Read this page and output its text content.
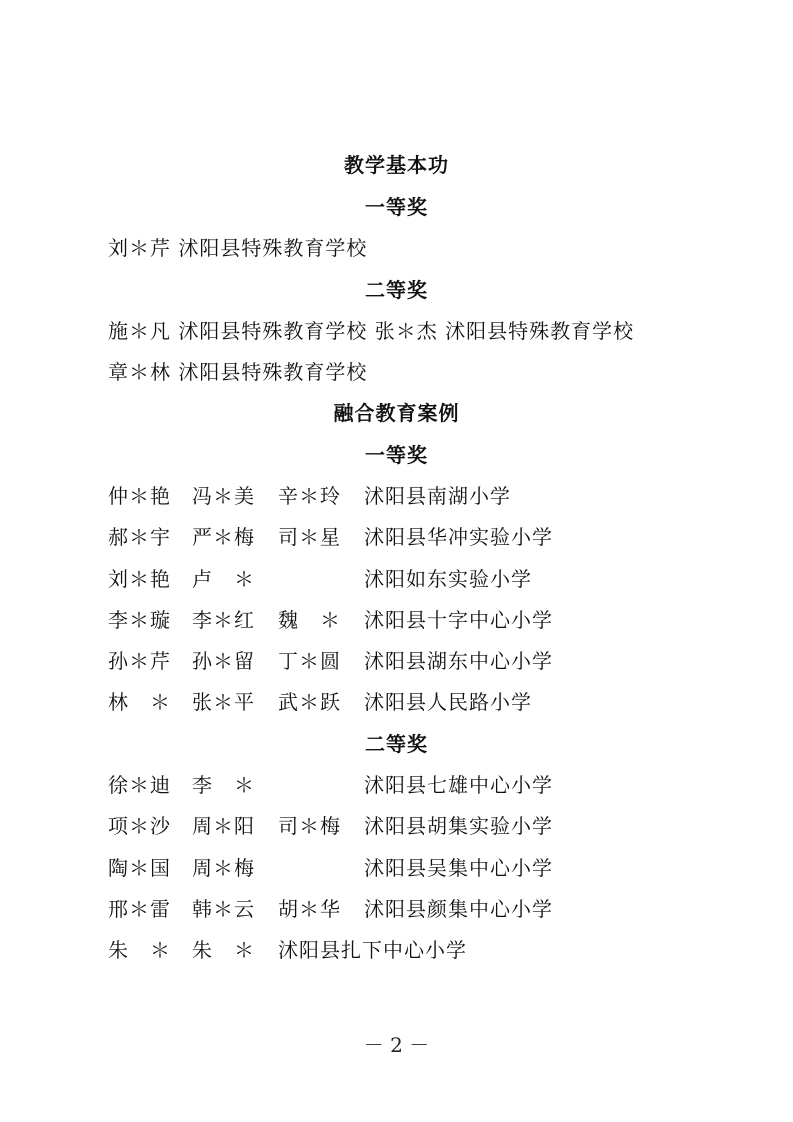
教学基本功
一等奖
刘＊芹 沭阳县特殊教育学校
二等奖
施＊凡 沭阳县特殊教育学校 张＊杰 沭阳县特殊教育学校
章＊林 沭阳县特殊教育学校
融合教育案例
一等奖
仲＊艳 冯＊美 辛＊玲 沭阳县南湖小学
郝＊宇 严＊梅 司＊星 沭阳县华冲实验小学
刘＊艳 卢　＊	沭阳如东实验小学
李＊璇 李＊红 魏　＊ 沭阳县十字中心小学
孙＊芹 孙＊留 丁＊圆 沭阳县湖东中心小学
林　＊ 张＊平 武＊跃 沭阳县人民路小学
二等奖
徐＊迪 李　＊	沭阳县七雄中心小学
项＊沙 周＊阳 司＊梅 沭阳县胡集实验小学
陶＊国 周＊梅	沭阳县吴集中心小学
邢＊雷 韩＊云 胡＊华 沭阳县颜集中心小学
朱　＊ 朱　＊ 沭阳县扎下中心小学
－ 2 －
